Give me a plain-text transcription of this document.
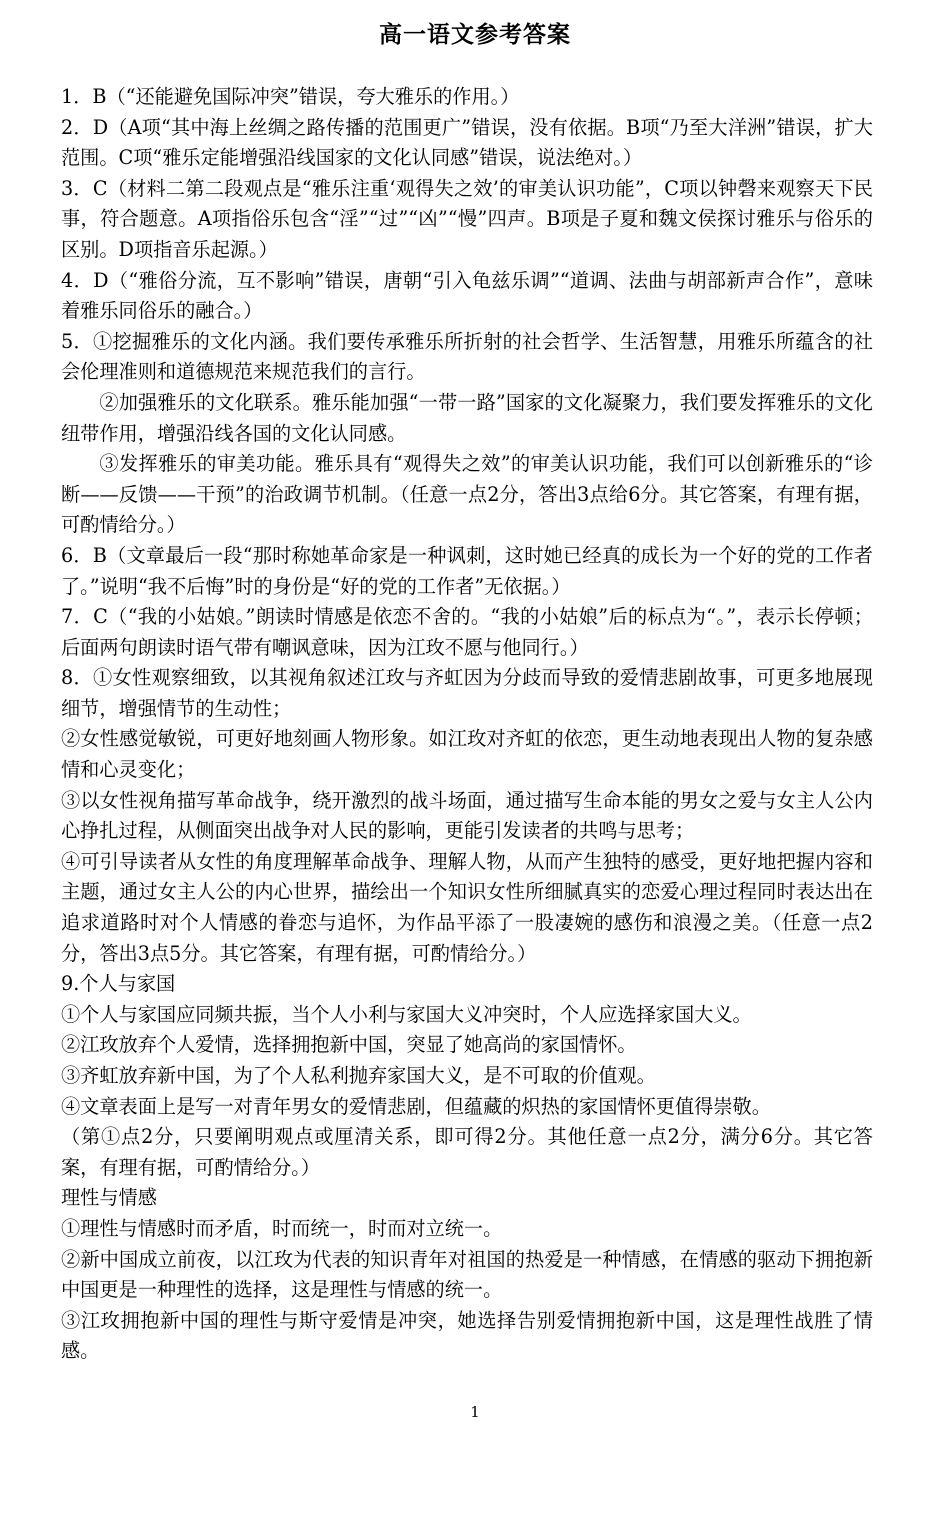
高一语文参考答案

1．B（“还能避免国际冲突”错误，夸大雅乐的作用。）

2．D（A项“其中海上丝绸之路传播的范围更广”错误，没有依据。B项“乃至大洋洲”错误，扩大范围。C项“雅乐定能增强沿线国家的文化认同感”错误，说法绝对。）

3．C（材料二第二段观点是“雅乐注重‘观得失之效’的审美认识功能”，C项以钟磬来观察天下民事，符合题意。A项指俗乐包含“淫”“过”“凶”“慢”四声。B项是子夏和魏文侯探讨雅乐与俗乐的区别。D项指音乐起源。）

4．D（“雅俗分流，互不影响”错误，唐朝“引入龟兹乐调”“道调、法曲与胡部新声合作”，意味着雅乐同俗乐的融合。）

5．①挖掘雅乐的文化内涵。我们要传承雅乐所折射的社会哲学、生活智慧，用雅乐所蕴含的社会伦理准则和道德规范来规范我们的言行。

②加强雅乐的文化联系。雅乐能加强“一带一路”国家的文化凝聚力，我们要发挥雅乐的文化纽带作用，增强沿线各国的文化认同感。

③发挥雅乐的审美功能。雅乐具有“观得失之效”的审美认识功能，我们可以创新雅乐的“诊断——反馈——干预”的治政调节机制。（任意一点2分，答出3点给6分。其它答案，有理有据，可酌情给分。）

6．B（文章最后一段“那时称她革命家是一种讽刺，这时她已经真的成长为一个好的党的工作者了。”说明“我不后悔”时的身份是“好的党的工作者”无依据。）

7．C（“我的小姑娘。”朗读时情感是依恋不舍的。“我的小姑娘”后的标点为“。”，表示长停顿；后面两句朗读时语气带有嘲讽意味，因为江玫不愿与他同行。）

8．①女性观察细致，以其视角叙述江玫与齐虹因为分歧而导致的爱情悲剧故事，可更多地展现细节，增强情节的生动性；

②女性感觉敏锐，可更好地刻画人物形象。如江玫对齐虹的依恋，更生动地表现出人物的复杂感情和心灵变化；

③以女性视角描写革命战争，绕开激烈的战斗场面，通过描写生命本能的男女之爱与女主人公内心挣扎过程，从侧面突出战争对人民的影响，更能引发读者的共鸣与思考；

④可引导读者从女性的角度理解革命战争、理解人物，从而产生独特的感受，更好地把握内容和主题，通过女主人公的内心世界，描绘出一个知识女性所细腻真实的恋爱心理过程同时表达出在追求道路时对个人情感的眷恋与追怀，为作品平添了一股凄婉的感伤和浪漫之美。（任意一点2分，答出3点5分。其它答案，有理有据，可酌情给分。）

9.个人与家国

①个人与家国应同频共振，当个人小利与家国大义冲突时，个人应选择家国大义。

②江玫放弃个人爱情，选择拥抱新中国，突显了她高尚的家国情怀。

③齐虹放弃新中国，为了个人私利抛弃家国大义，是不可取的价值观。

④文章表面上是写一对青年男女的爱情悲剧，但蕴藏的炽热的家国情怀更值得崇敬。

（第①点2分，只要阐明观点或厘清关系，即可得2分。其他任意一点2分，满分6分。其它答案，有理有据，可酌情给分。）

理性与情感

①理性与情感时而矛盾，时而统一，时而对立统一。

②新中国成立前夜，以江玫为代表的知识青年对祖国的热爱是一种情感，在情感的驱动下拥抱新中国更是一种理性的选择，这是理性与情感的统一。

③江玫拥抱新中国的理性与斯守爱情是冲突，她选择告别爱情拥抱新中国，这是理性战胜了情感。

1
